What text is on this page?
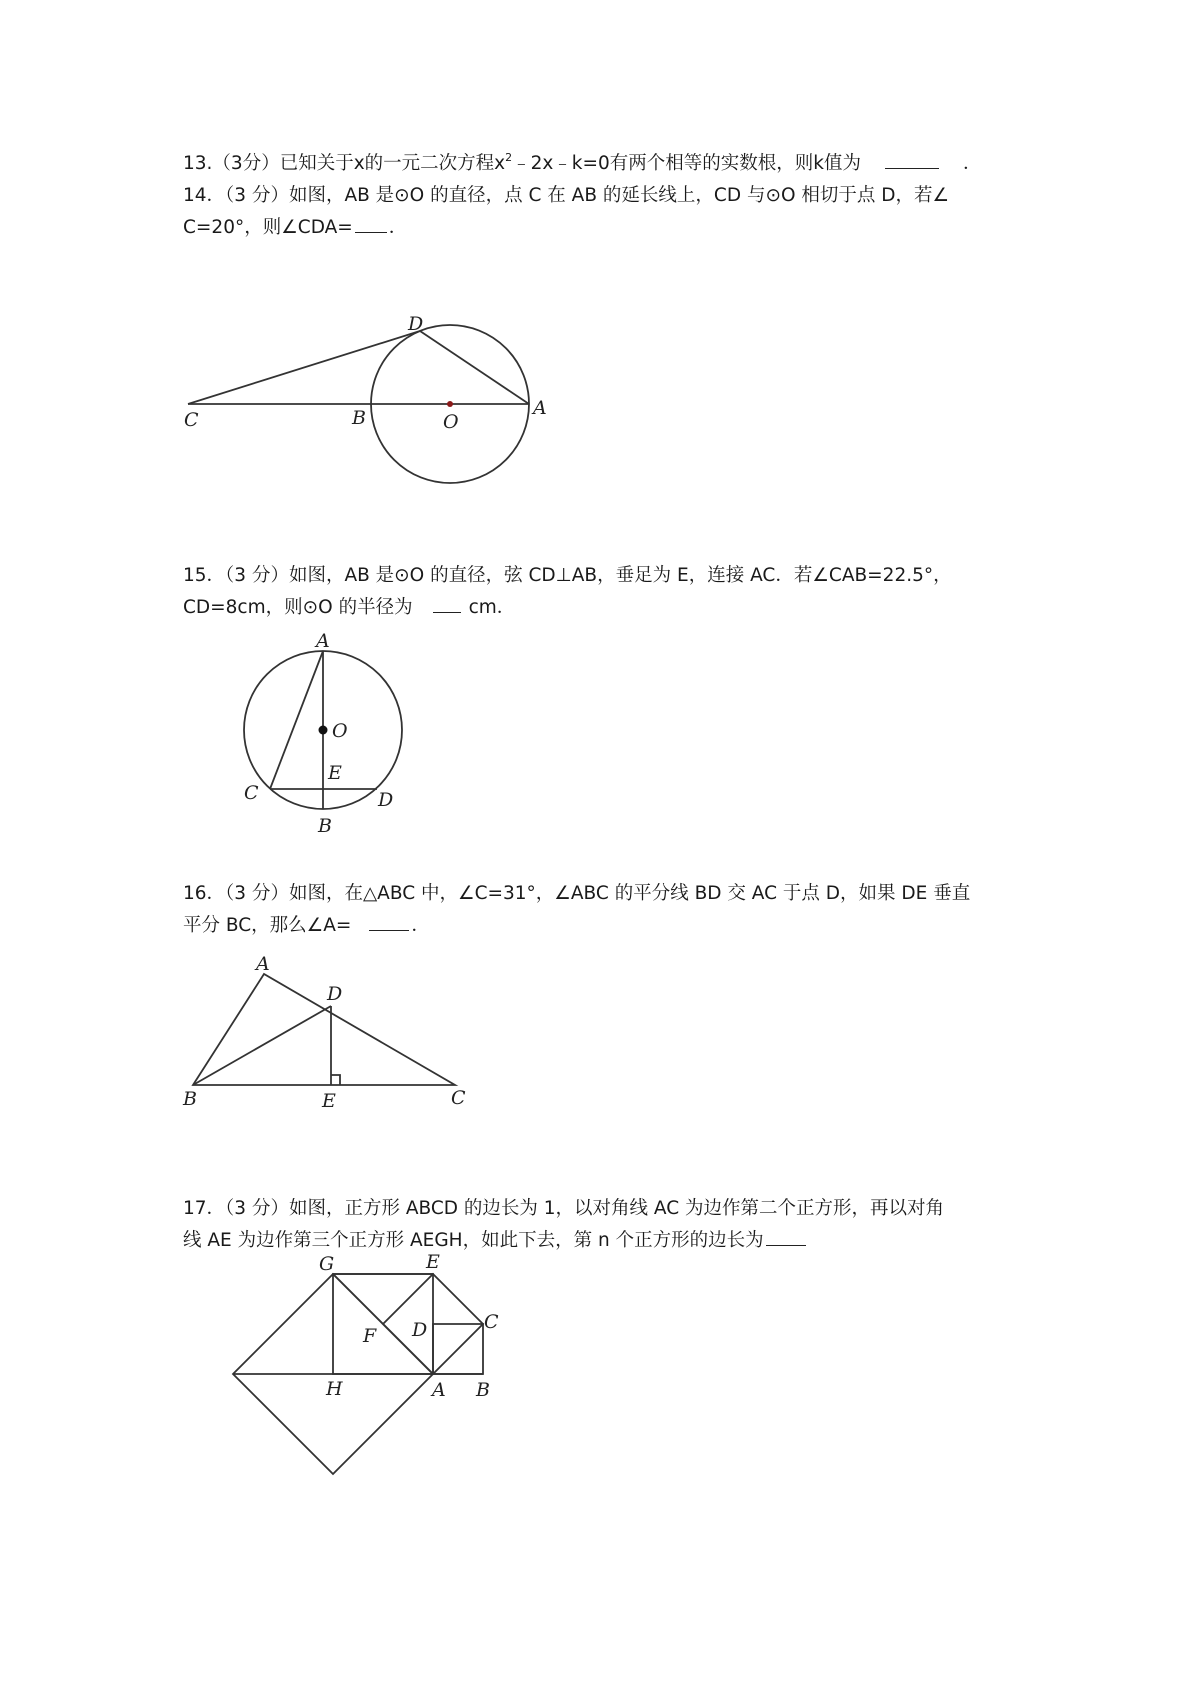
13.（3分）已知关于x的一元二次方程$x^2﹣2x﹣k=0$有两个相等的实数根，则k值为	．
14．（3 分）如图，AB 是⊙O 的直径，点 C 在 AB 的延长线上，CD 与⊙O 相切于点 D，若∠
C=20°，则∠CDA= ．
D
C	B	O
A
15．（3 分）如图，AB 是⊙O 的直径，弦 CD⊥AB，垂足为 E，连接 AC．若∠CAB=22.5°，
CD=8cm，则⊙O 的半径为	cm．
A
O
E
C	D
B
16．（3 分）如图，在△ABC 中，∠C=31°，∠ABC 的平分线 BD 交 AC 于点 D，如果 DE 垂直
平分 BC，那么∠A=	．
A
D
B	E	C
17．（3 分）如图，正方形 ABCD 的边长为 1，以对角线 AC 为边作第二个正方形，再以对角
线 AE 为边作第三个正方形 AEGH，如此下去，第 n 个正方形的边长为
G	E
C
F D
H	A B
